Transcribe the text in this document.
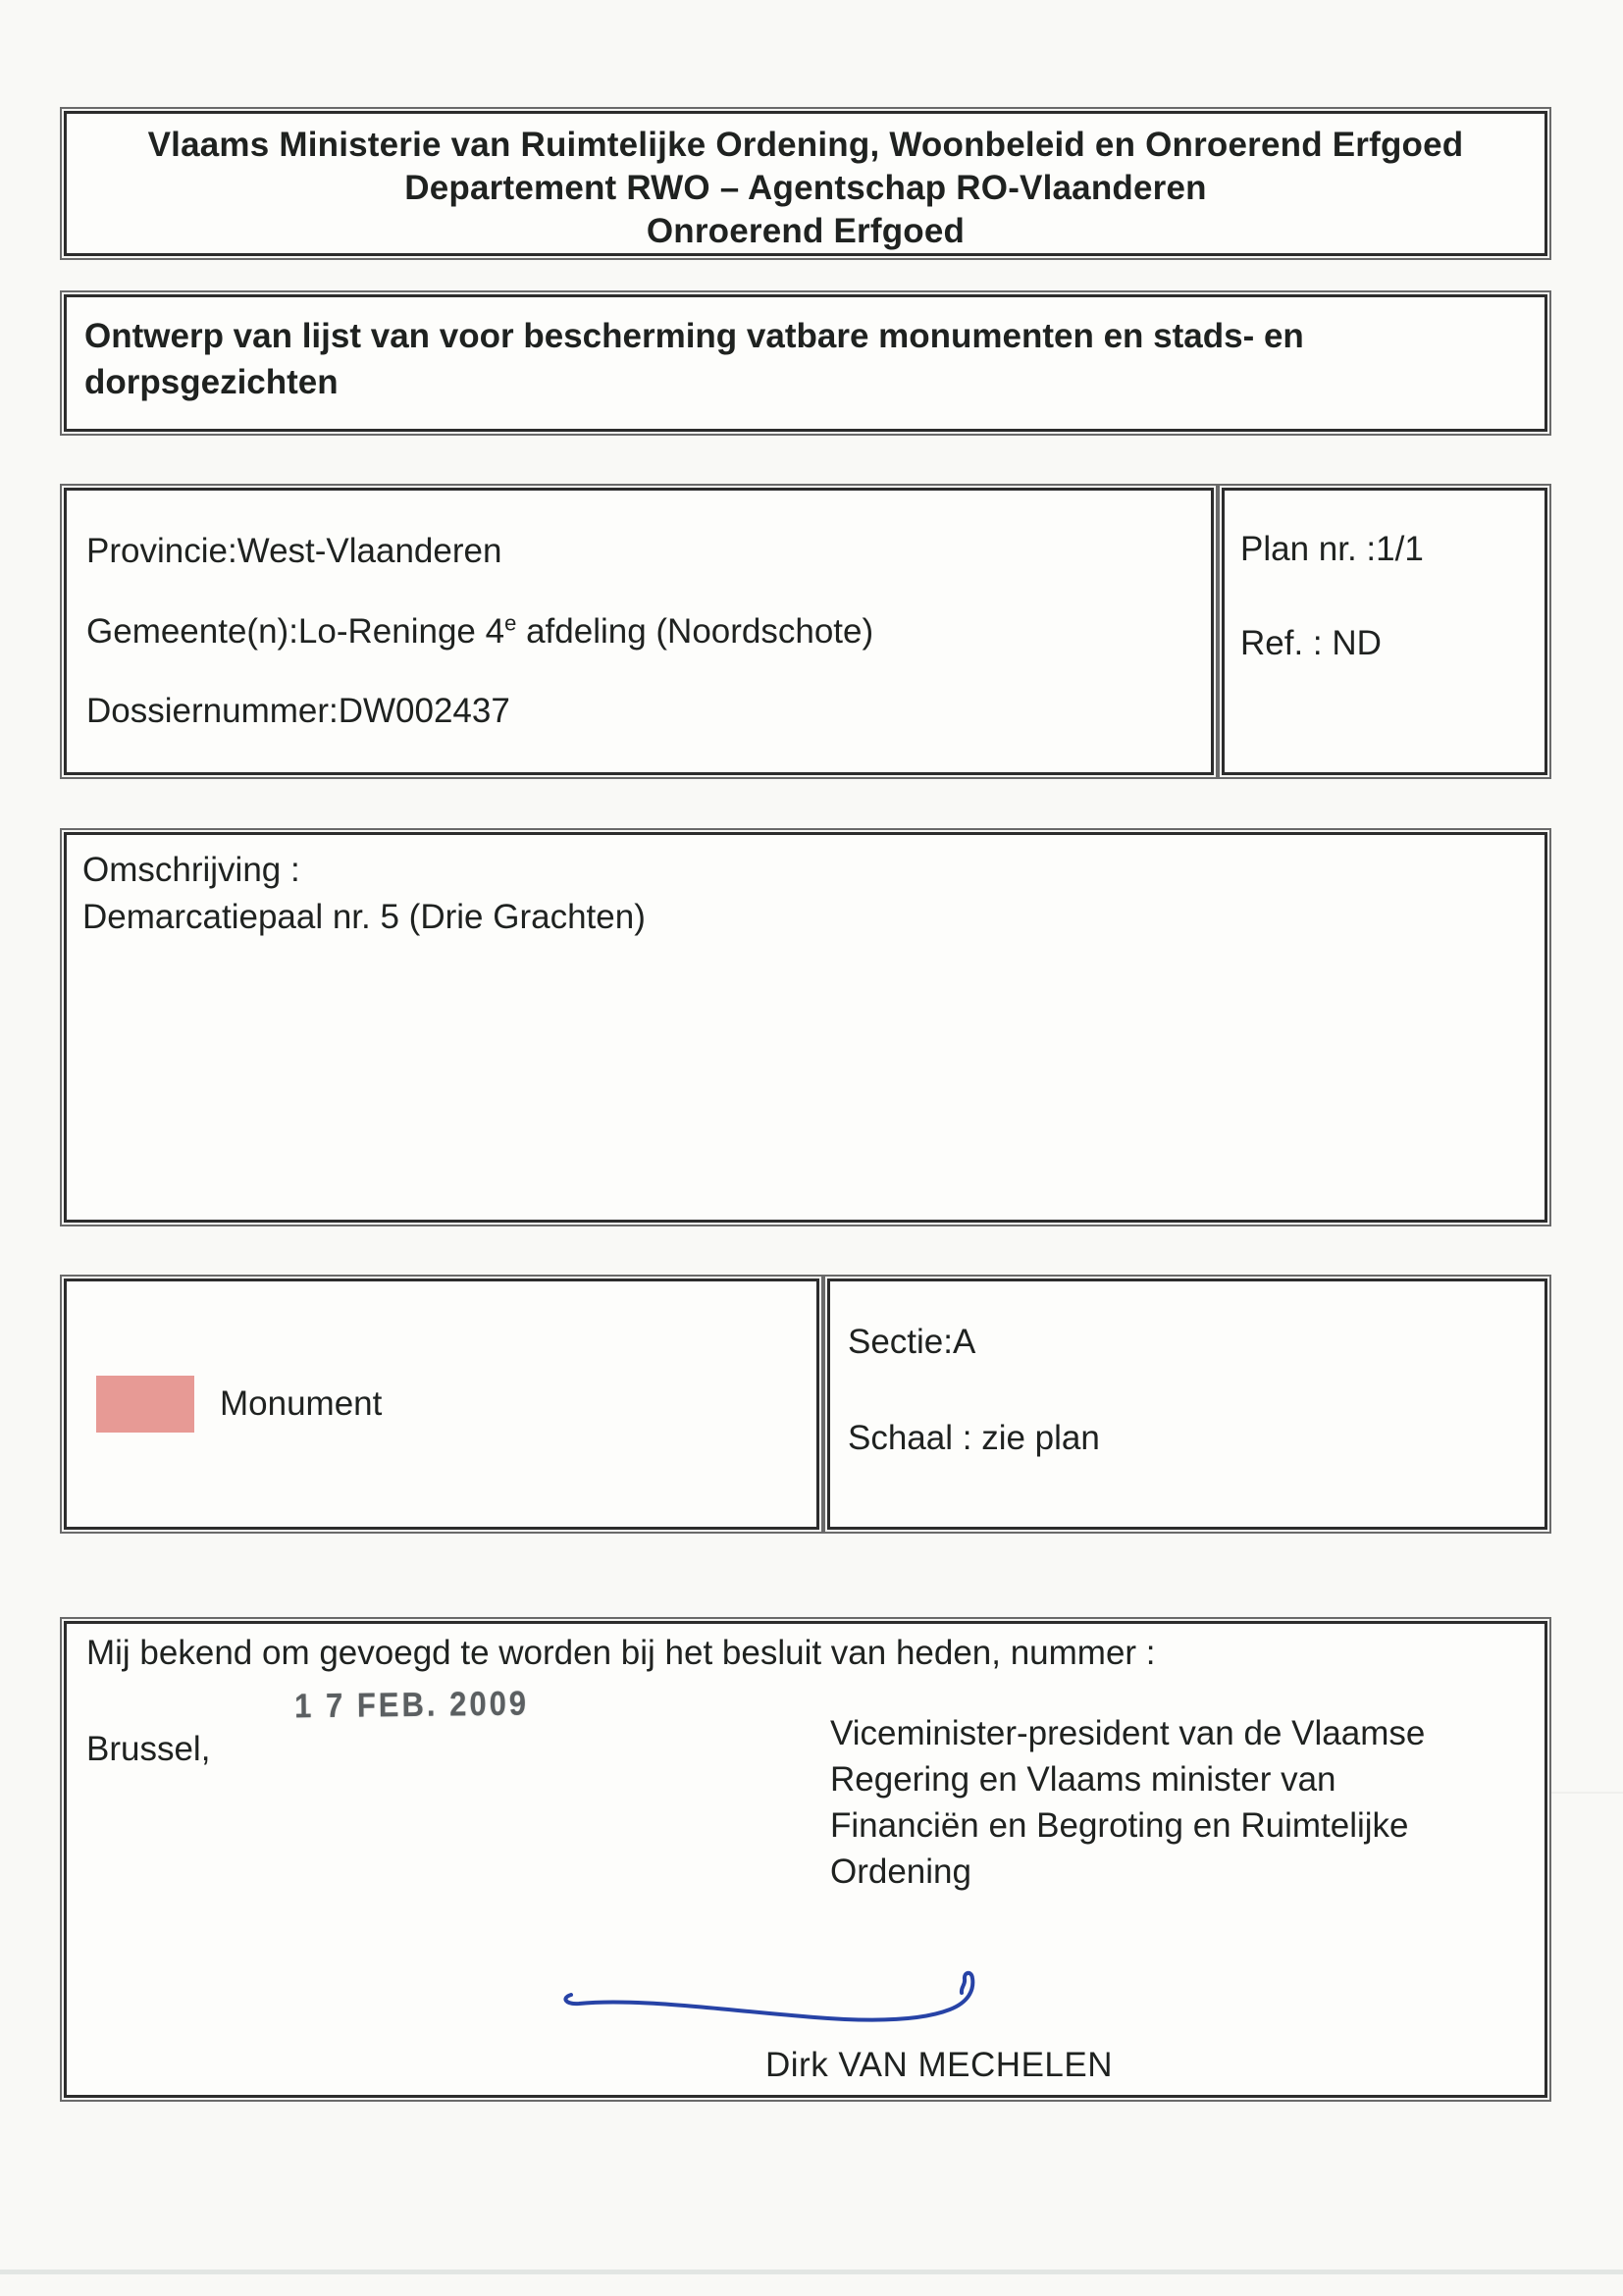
Vlaams Ministerie van Ruimtelijke Ordening, Woonbeleid en Onroerend Erfgoed
Departement RWO – Agentschap RO-Vlaanderen
Onroerend Erfgoed
Ontwerp van lijst van voor bescherming vatbare monumenten en stads- en dorpsgezichten
Provincie:West-Vlaanderen
Gemeente(n):Lo-Reninge 4e afdeling (Noordschote)
Dossiernummer:DW002437
Plan nr. :1/1
Ref. : ND
Omschrijving :
Demarcatiepaal nr. 5 (Drie Grachten)
Monument
Sectie:A
Schaal : zie plan
Mij bekend om gevoegd te worden bij het besluit van heden, nummer :
Brussel,
1 7 FEB. 2009
Viceminister-president van de Vlaamse
Regering en Vlaams minister van
Financiën en Begroting en Ruimtelijke
Ordening
Dirk VAN MECHELEN
